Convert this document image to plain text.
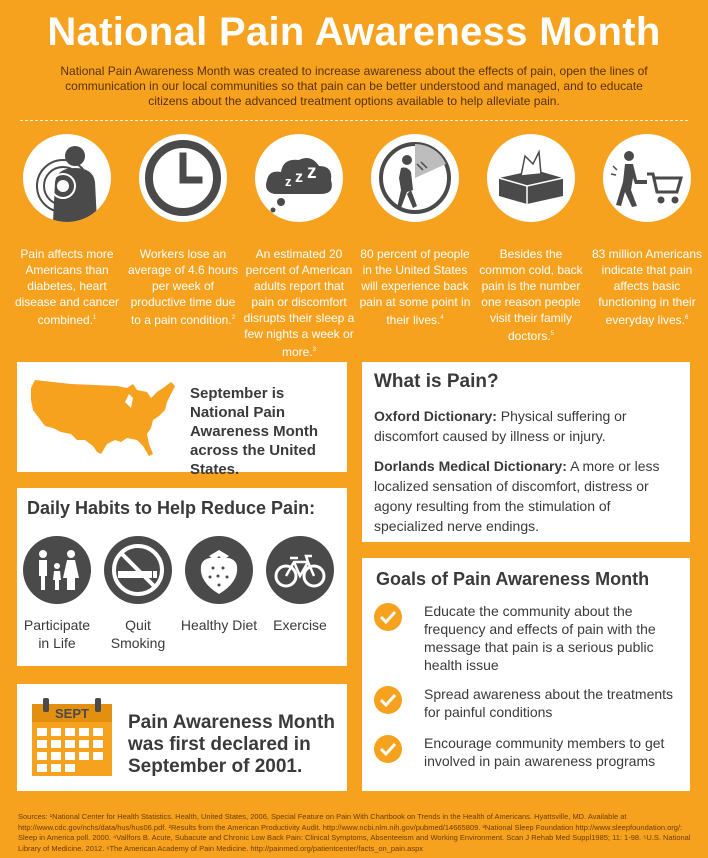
National Pain Awareness Month
National Pain Awareness Month was created to increase awareness about the effects of pain, open the lines of communication in our local communities so that pain can be better understood and managed, and to educate citizens about the advanced treatment options available to help alleviate pain.
Pain affects more Americans than diabetes, heart disease and cancer combined.$^1$
Workers lose an average of 4.6 hours per week of productive time due to a pain condition.$^2$
z z z
An estimated 20 percent of American adults report that pain or discomfort disrupts their sleep a few nights a week or more.$^3$
80 percent of people in the United States will experience back pain at some point in their lives.$^4$
Besides the common cold, back pain is the number one reason people visit their family doctors.$^5$
83 million Americans indicate that pain affects basic functioning in their everyday lives.$^6$
September is National Pain Awareness Month across the United States.
What is Pain?

Oxford Dictionary: Physical suffering or discomfort caused by illness or injury.

Dorlands Medical Dictionary: A more or less localized sensation of discomfort, distress or agony resulting from the stimulation of specialized nerve endings.

Daily Habits to Help Reduce Pain:
Participate in Life
Quit Smoking
Healthy Diet	Exercise
Goals of Pain Awareness Month
Educate the community about the frequency and effects of pain with the message that pain is a serious public health issue
Spread awareness about the treatments for painful conditions
Encourage community members to get involved in pain awareness programs
SEPT Pain Awareness Month was first declared in September of 2001.
Sources: ¹National Center for Health Statistics. Health, United States, 2006, Special Feature on Pain With Chartbook on Trends in the Health of Americans. Hyattsville, MD. Available at http://www.cdc.gov/nchs/data/hus/hus06.pdf. ²Results from the American Productivity Audit. http://www.ncbi.nlm.nih.gov/pubmed/14665809. ³National Sleep Foundation http://www.sleepfoundation.org/: Sleep in America poll. 2000. ⁴Vallfors B. Acute, Subacute and Chronic Low Back Pain: Clinical Symptoms, Absenteeism and Working Environment. Scan J Rehab Med Suppl1985; 11: 1-98. ⁵U.S. National Library of Medicine. 2012. ⁶The American Academy of Pain Medicine. http://painmed.org/patientcenter/facts_on_pain.aspx
